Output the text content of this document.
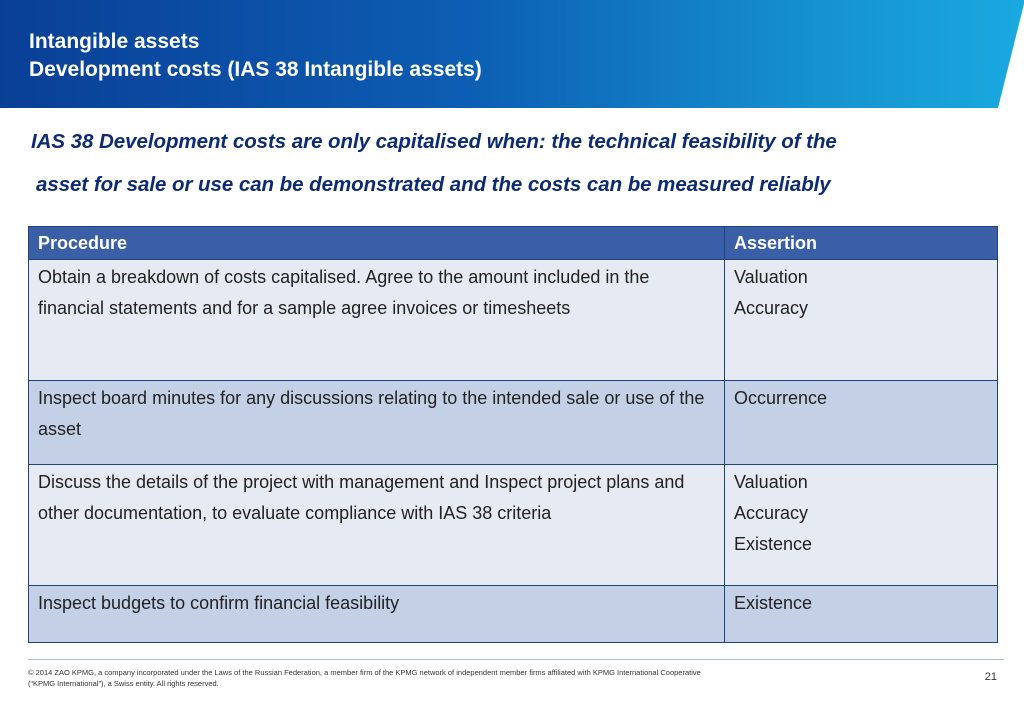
Intangible assets
Development costs (IAS 38 Intangible assets)
IAS 38 Development costs are only capitalised when: the technical feasibility of the
asset for sale or use can be demonstrated and the costs can be measured reliably
Procedure	Assertion
Obtain a breakdown of costs capitalised. Agree to the amount included in the financial statements and for a sample agree invoices or timesheets	Valuation
Accuracy

Inspect board minutes for any discussions relating to the intended sale or use of the asset	Occurrence

Discuss the details of the project with management and Inspect project plans and other documentation, to evaluate compliance with IAS 38 criteria	Valuation
Accuracy
Existence

Inspect budgets to confirm financial feasibility	Existence
© 2014 ZAO KPMG, a company incorporated under the Laws of the Russian Federation, a member firm of the KPMG network of independent member firms affiliated with KPMG International Cooperative
(“KPMG International”), a Swiss entity. All rights reserved.
21
